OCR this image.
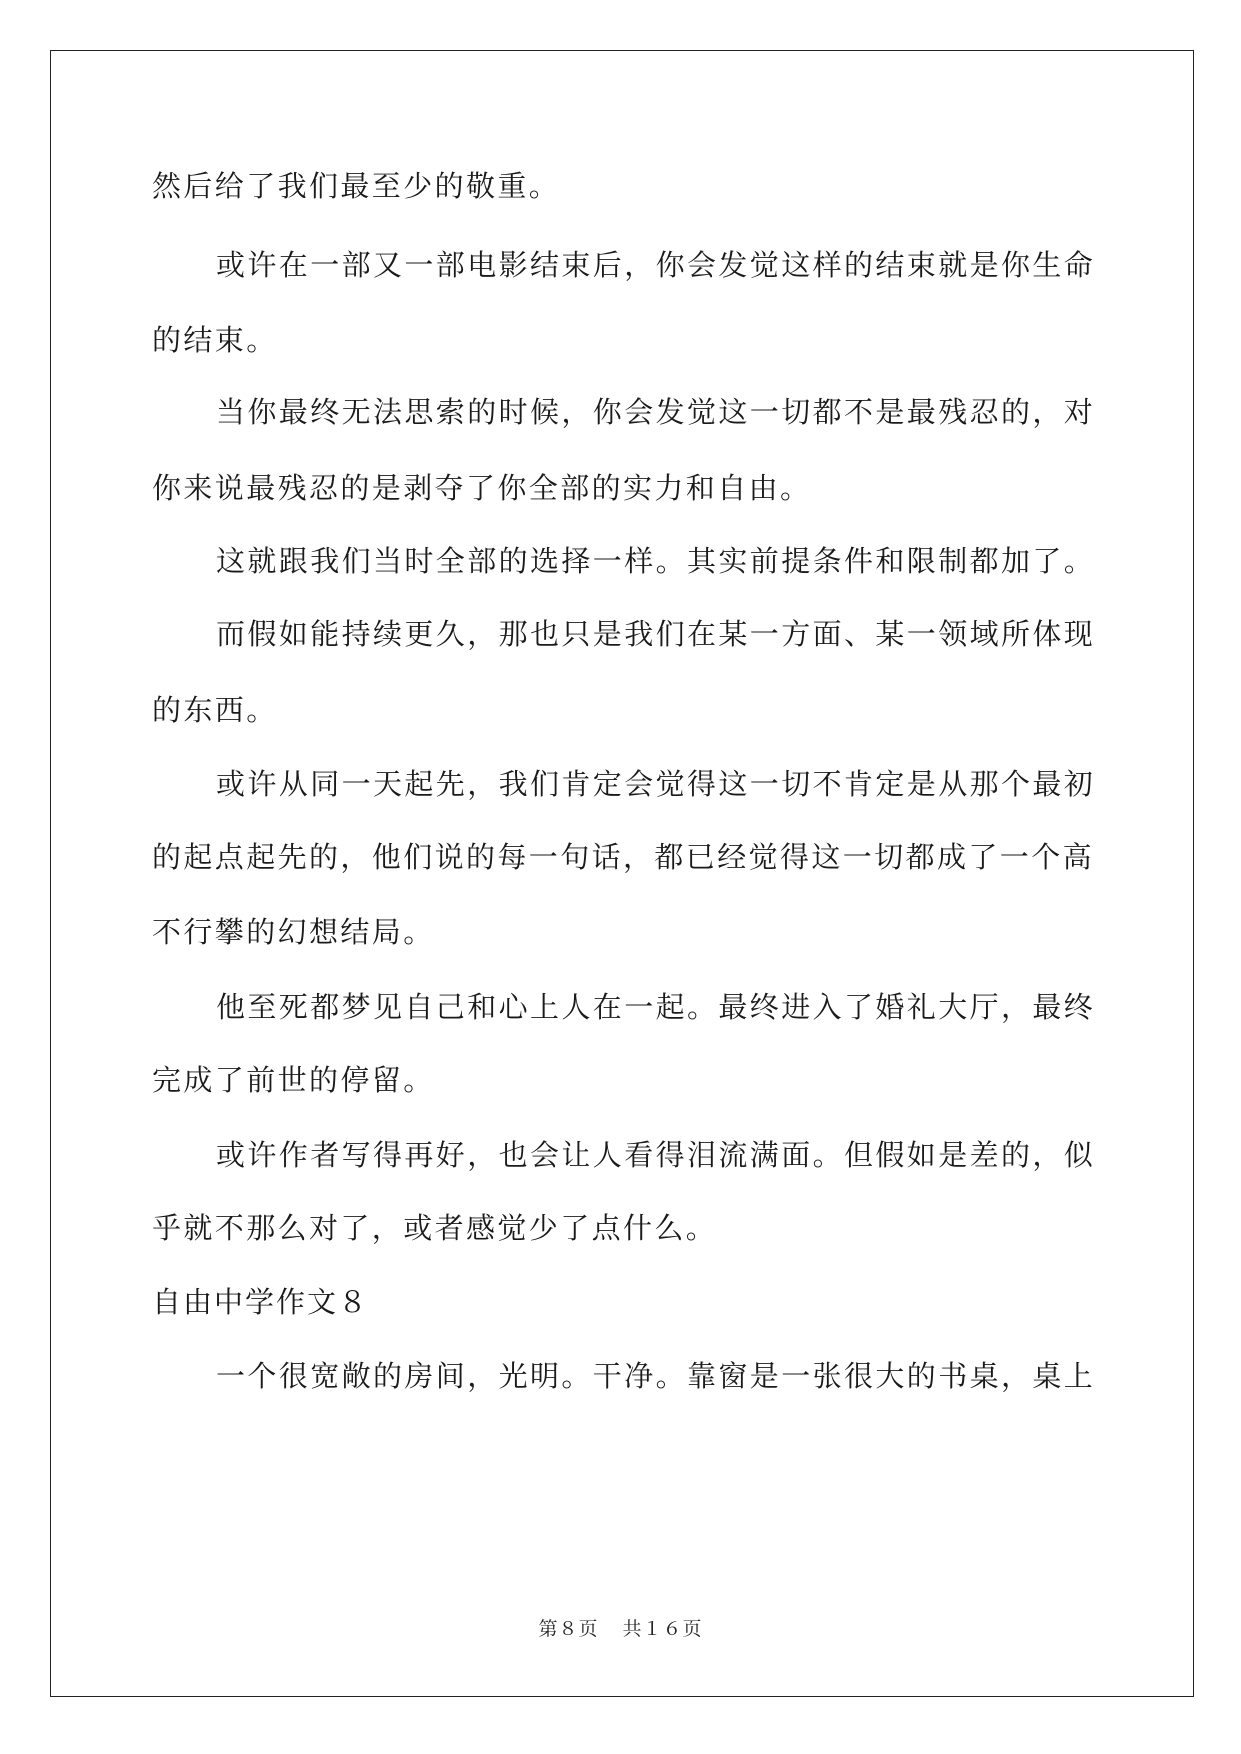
然后给了我们最至少的敬重。
或许在一部又一部电影结束后，你会发觉这样的结束就是你生命
的结束。
当你最终无法思索的时候，你会发觉这一切都不是最残忍的，对
你来说最残忍的是剥夺了你全部的实力和自由。
这就跟我们当时全部的选择一样。其实前提条件和限制都加了。
而假如能持续更久，那也只是我们在某一方面、某一领域所体现
的东西。
或许从同一天起先，我们肯定会觉得这一切不肯定是从那个最初
的起点起先的，他们说的每一句话，都已经觉得这一切都成了一个高
不行攀的幻想结局。
他至死都梦见自己和心上人在一起。最终进入了婚礼大厅，最终
完成了前世的停留。
或许作者写得再好，也会让人看得泪流满面。但假如是差的，似
乎就不那么对了，或者感觉少了点什么。
自由中学作文８
一个很宽敞的房间，光明。干净。靠窗是一张很大的书桌，桌上
第８页 共１６页
